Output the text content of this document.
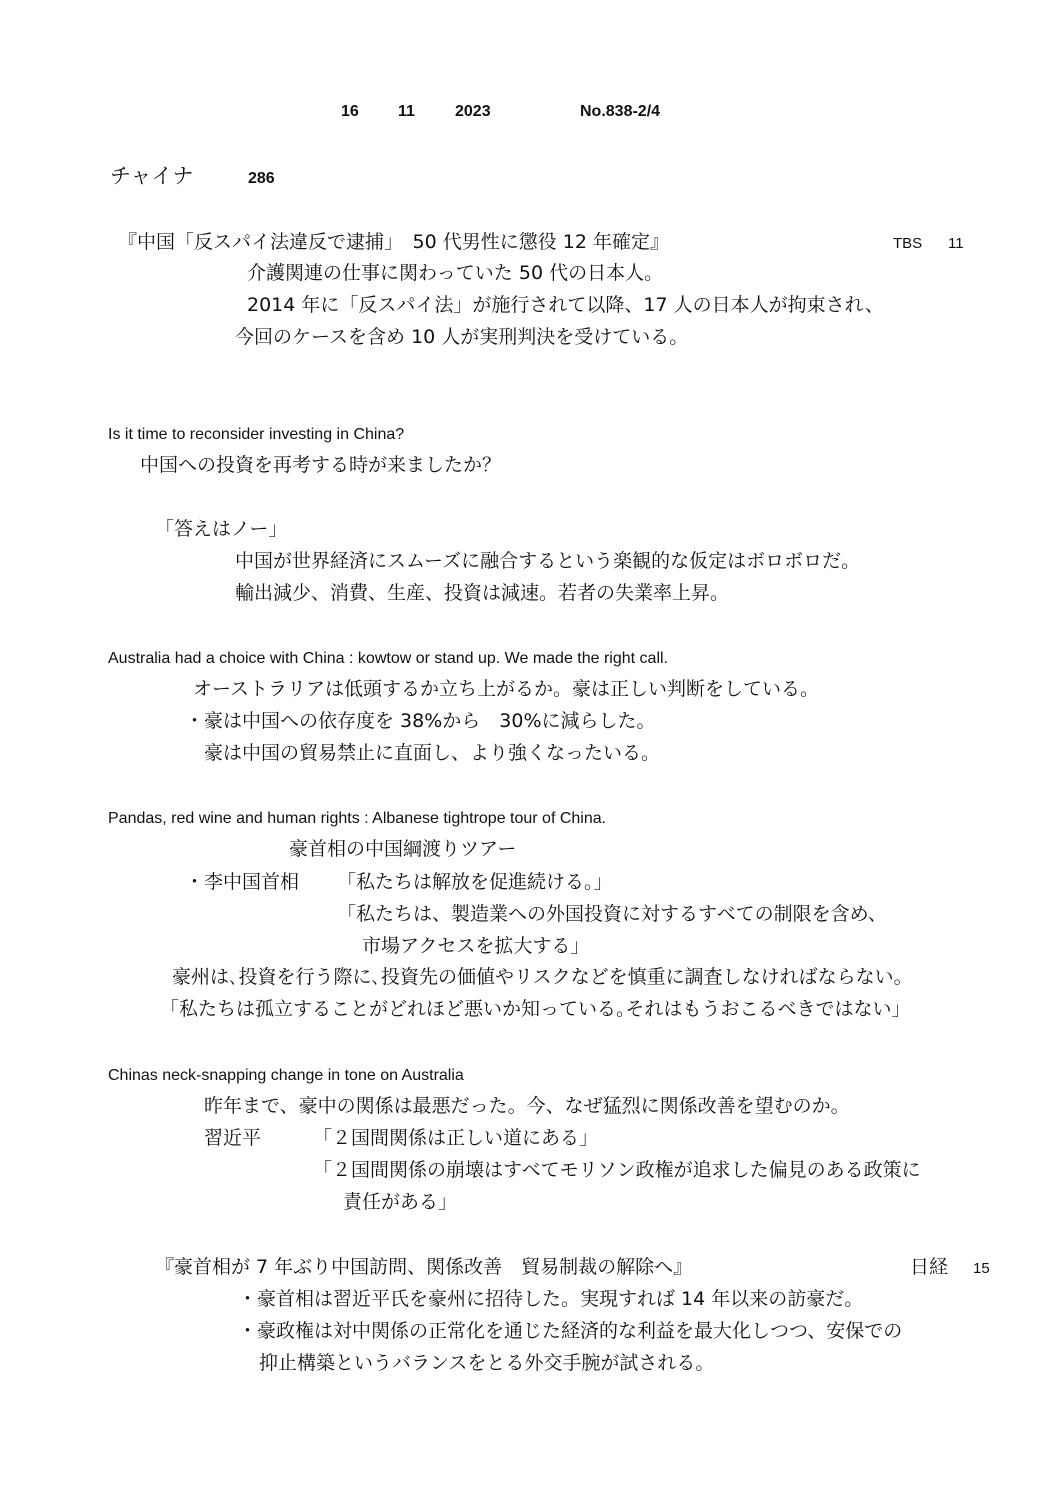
16 11	2023	No.838-2/4
チャイナ	286
『中国「反スパイ法違反で逮捕」　50 代男性に懲役 12 年確定』	TBS 11
介護関連の仕事に関わっていた 50 代の日本人。
2014 年に「反スパイ法」が施行されて以降、17 人の日本人が拘束され、
今回のケースを含め 10 人が実刑判決を受けている。
Is it time to reconsider investing in China?
中国への投資を再考する時が来ましたか？
「答えはノー」
中国が世界経済にスムーズに融合するという楽観的な仮定はボロボロだ。
輸出減少、消費、生産、投資は減速。若者の失業率上昇。
Australia had a choice with China : kowtow or stand up. We made the right call.
オーストラリアは低頭するか立ち上がるか。豪は正しい判断をしている。
・豪は中国への依存度を 38%から　30%に減らした。
豪は中国の貿易禁止に直面し、より強くなったいる。
Pandas, red wine and human rights : Albanese tightrope tour of China.
豪首相の中国綱渡りツアー
・李中国首相 「私たちは解放を促進続ける。」
「私たちは、製造業への外国投資に対するすべての制限を含め、
市場アクセスを拡大する」
豪州は､投資を行う際に､投資先の価値やリスクなどを慎重に調査しなければならない｡
「私たちは孤立することがどれほど悪いか知っている｡それはもうおこるべきではない」
Chinas neck-snapping change in tone on Australia
昨年まで、豪中の関係は最悪だった。今、なぜ猛烈に関係改善を望むのか。
習近平	「２国間関係は正しい道にある」
「２国間関係の崩壊はすべてモリソン政権が追求した偏見のある政策に
責任がある」
『豪首相が 7 年ぶり中国訪問、関係改善　貿易制裁の解除へ』	日経 15
・豪首相は習近平氏を豪州に招待した。実現すれば 14 年以来の訪豪だ。
・豪政権は対中関係の正常化を通じた経済的な利益を最大化しつつ、安保での
抑止構築というバランスをとる外交手腕が試される。
